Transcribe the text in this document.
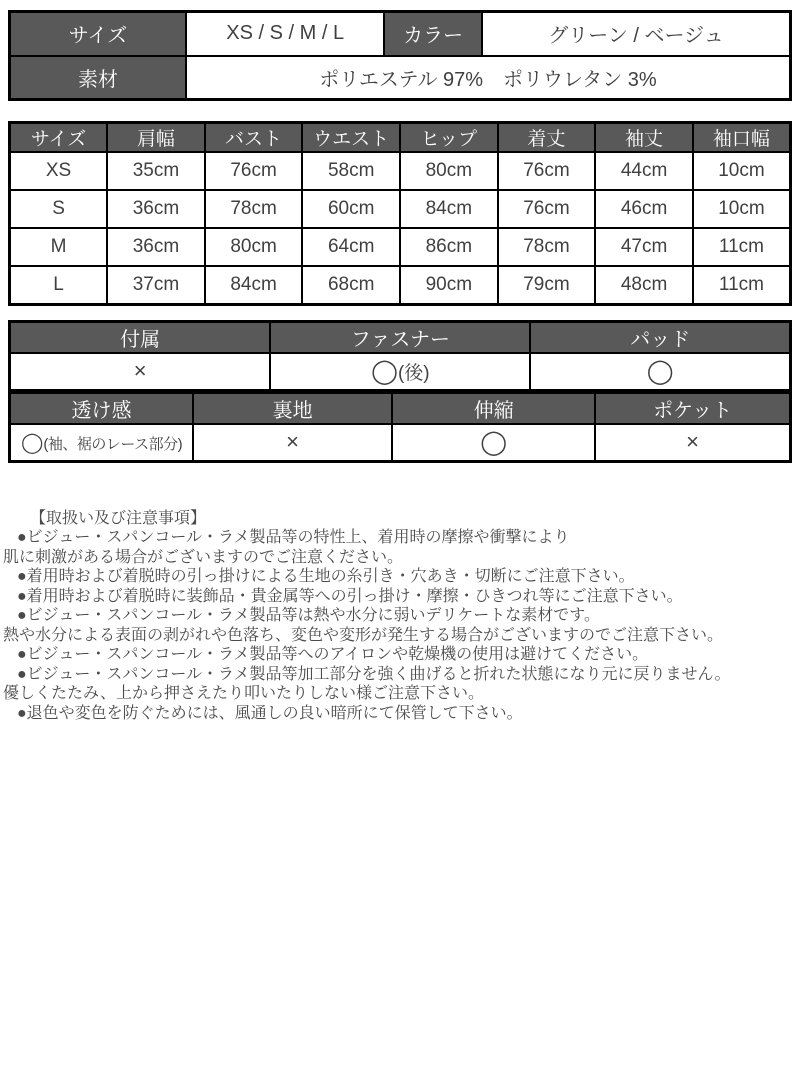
サイズ	XS / S / M / L	カラー	グリーン / ベージュ
素材	ポリエステル 97%　ポリウレタン 3%		
サイズ	肩幅	バスト	ウエスト	ヒップ	着丈	袖丈	袖口幅
XS	35cm	76cm	58cm	80cm	76cm	44cm	10cm
S	36cm	78cm	60cm	84cm	76cm	46cm	10cm
M	36cm	80cm	64cm	86cm	78cm	47cm	11cm
L	37cm	84cm	68cm	90cm	79cm	48cm	11cm
付属	ファスナー	パッド
×	◯(後)	◯
透け感	裏地	伸縮	ポケット
◯(袖、裾のレース部分)	×	◯	×
【取扱い及び注意事項】
●ビジュー・スパンコール・ラメ製品等の特性上、着用時の摩擦や衝撃により
肌に刺激がある場合がございますのでご注意ください。
●着用時および着脱時の引っ掛けによる生地の糸引き・穴あき・切断にご注意下さい。
●着用時および着脱時に装飾品・貴金属等への引っ掛け・摩擦・ひきつれ等にご注意下さい。
●ビジュー・スパンコール・ラメ製品等は熱や水分に弱いデリケートな素材です。
熱や水分による表面の剥がれや色落ち、変色や変形が発生する場合がございますのでご注意下さい。
●ビジュー・スパンコール・ラメ製品等へのアイロンや乾燥機の使用は避けてください。
●ビジュー・スパンコール・ラメ製品等加工部分を強く曲げると折れた状態になり元に戻りません。
優しくたたみ、上から押さえたり叩いたりしない様ご注意下さい。
●退色や変色を防ぐためには、風通しの良い暗所にて保管して下さい。
